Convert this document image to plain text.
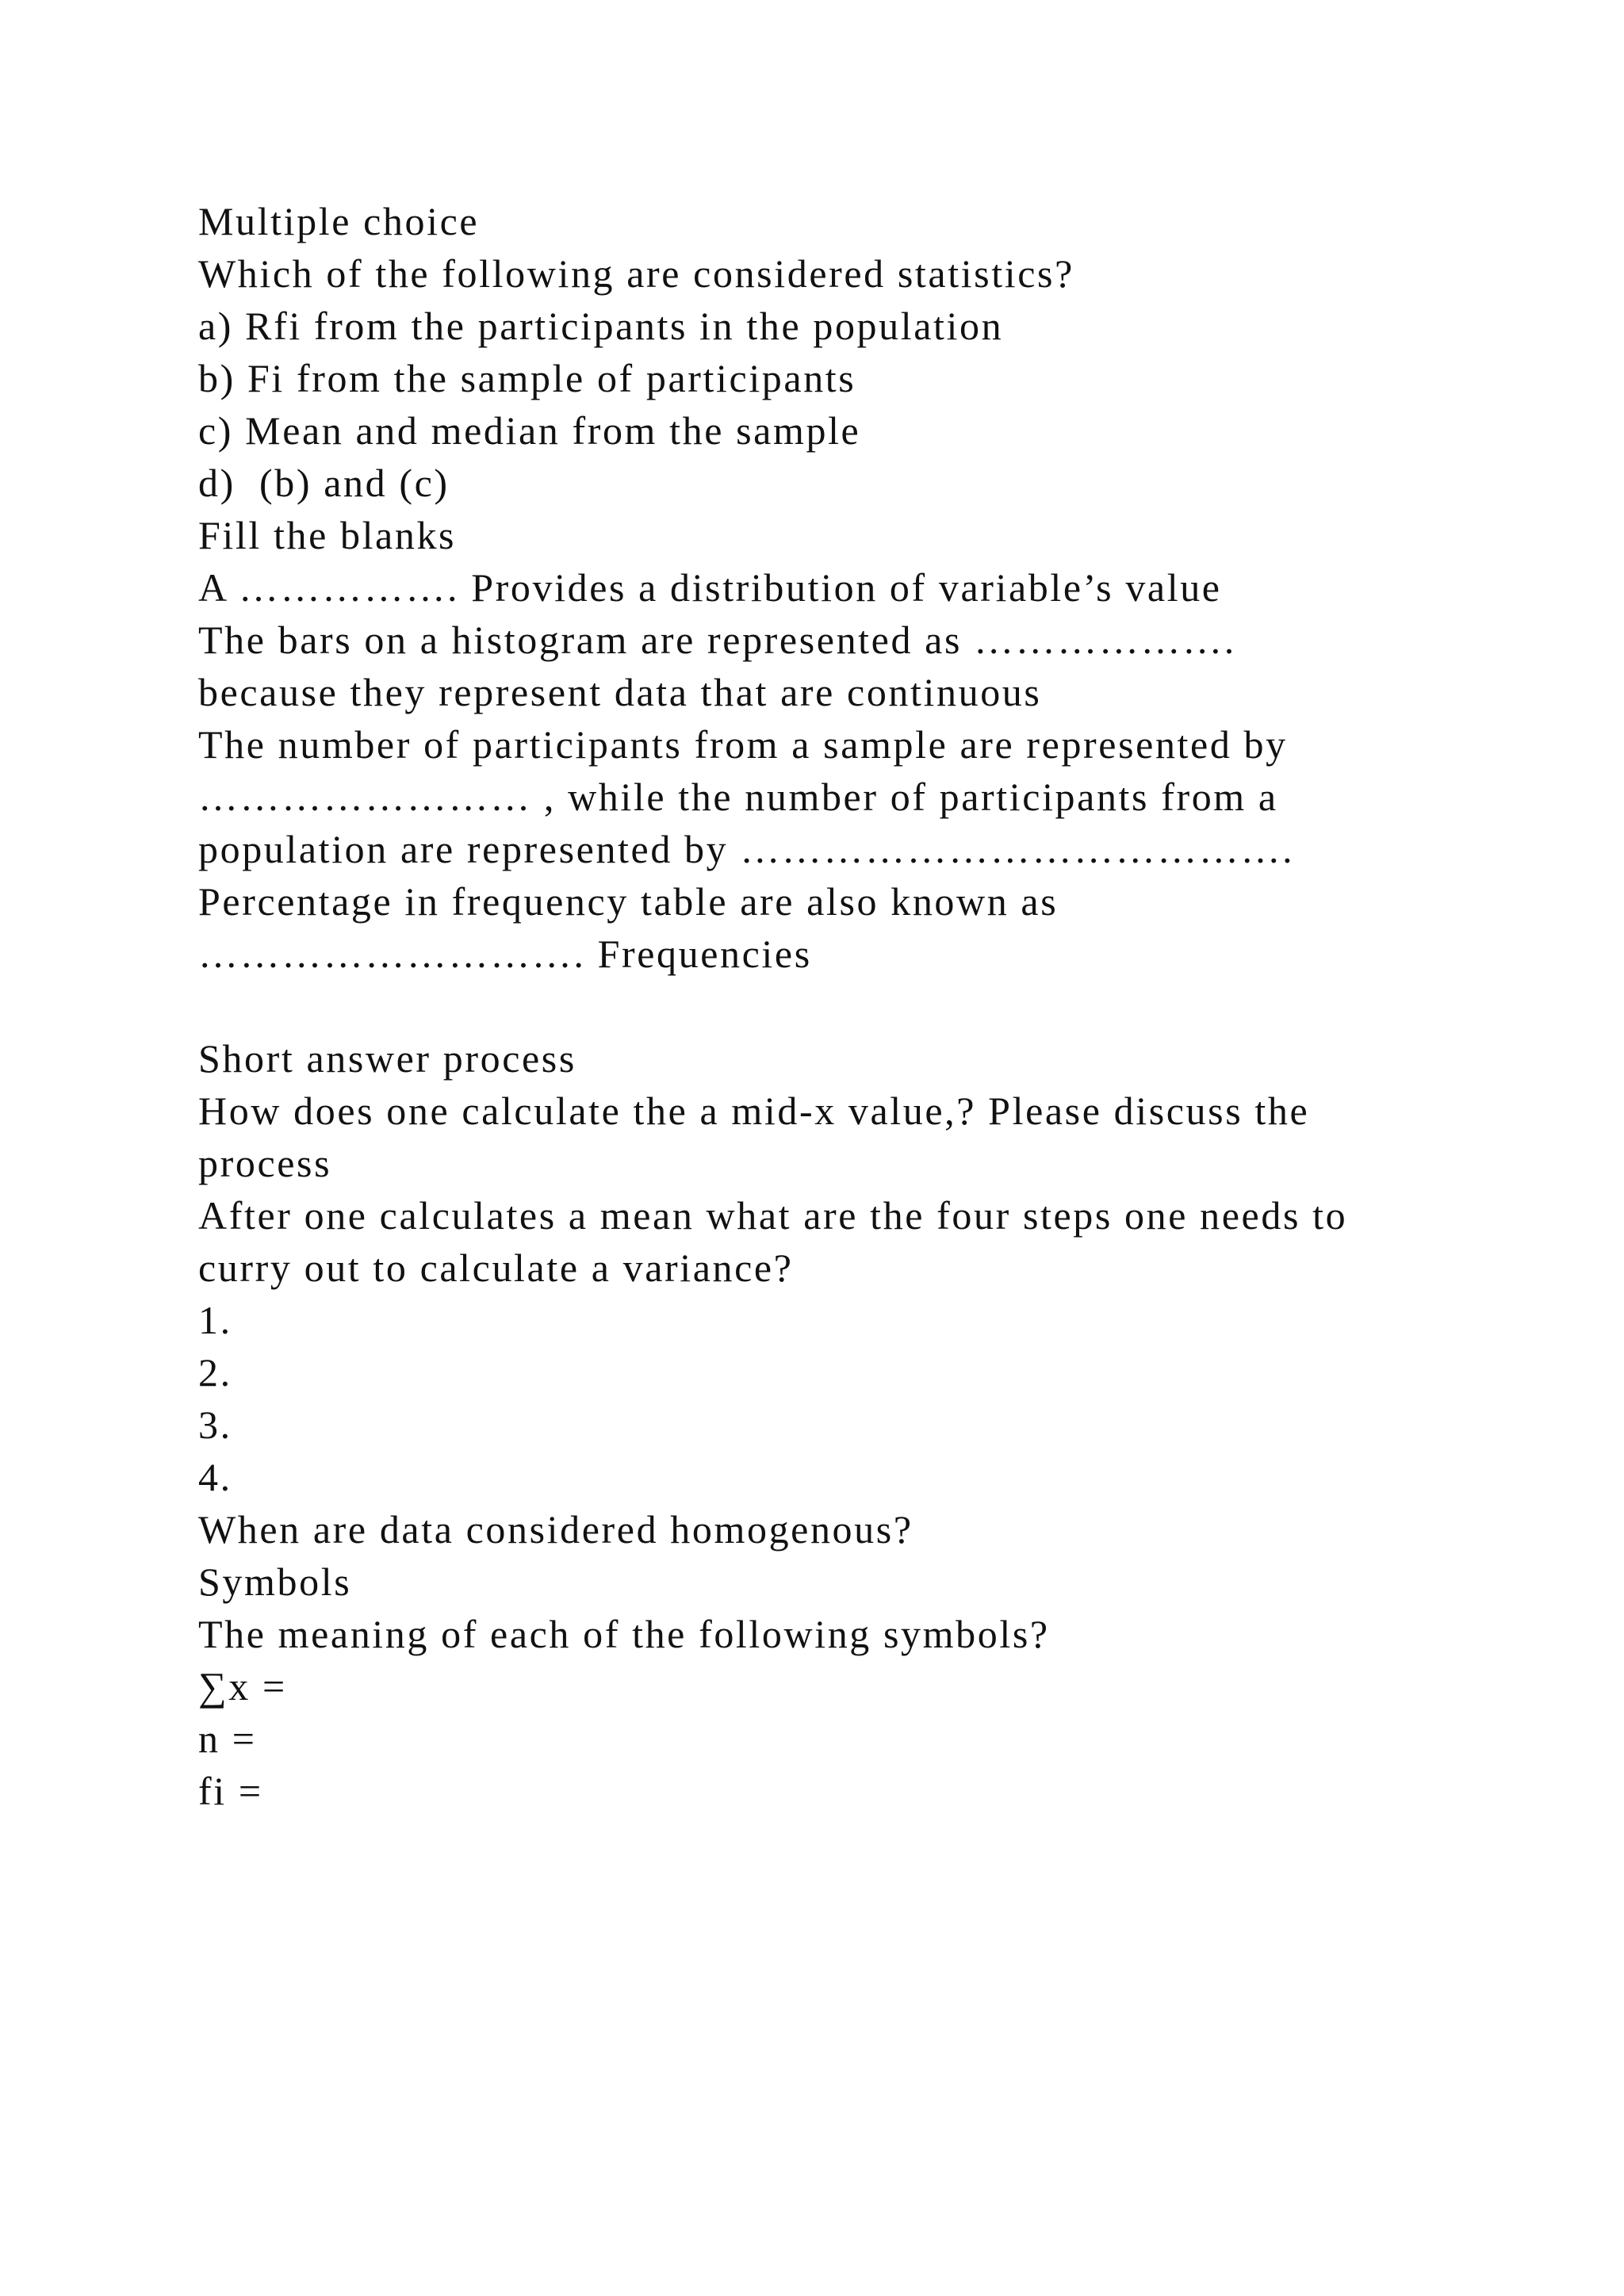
Multiple choice
Which of the following are considered statistics?
a) Rfi from the participants in the population
b) Fi from the sample of participants
c) Mean and median from the sample
d)  (b) and (c)
Fill the blanks
A ……………. Provides a distribution of variable’s value
The bars on a histogram are represented as ……………….
because they represent data that are continuous
The number of participants from a sample are represented by
…………………… , while the number of participants from a
population are represented by ………………………………….
Percentage in frequency table are also known as
………………………. Frequencies
Short answer process
How does one calculate the a mid-x value,? Please discuss the
process
After one calculates a mean what are the four steps one needs to
curry out to calculate a variance?
1.
2.
3.
4.
When are data considered homogenous?
Symbols
The meaning of each of the following symbols?
∑x =
n =
fi =
